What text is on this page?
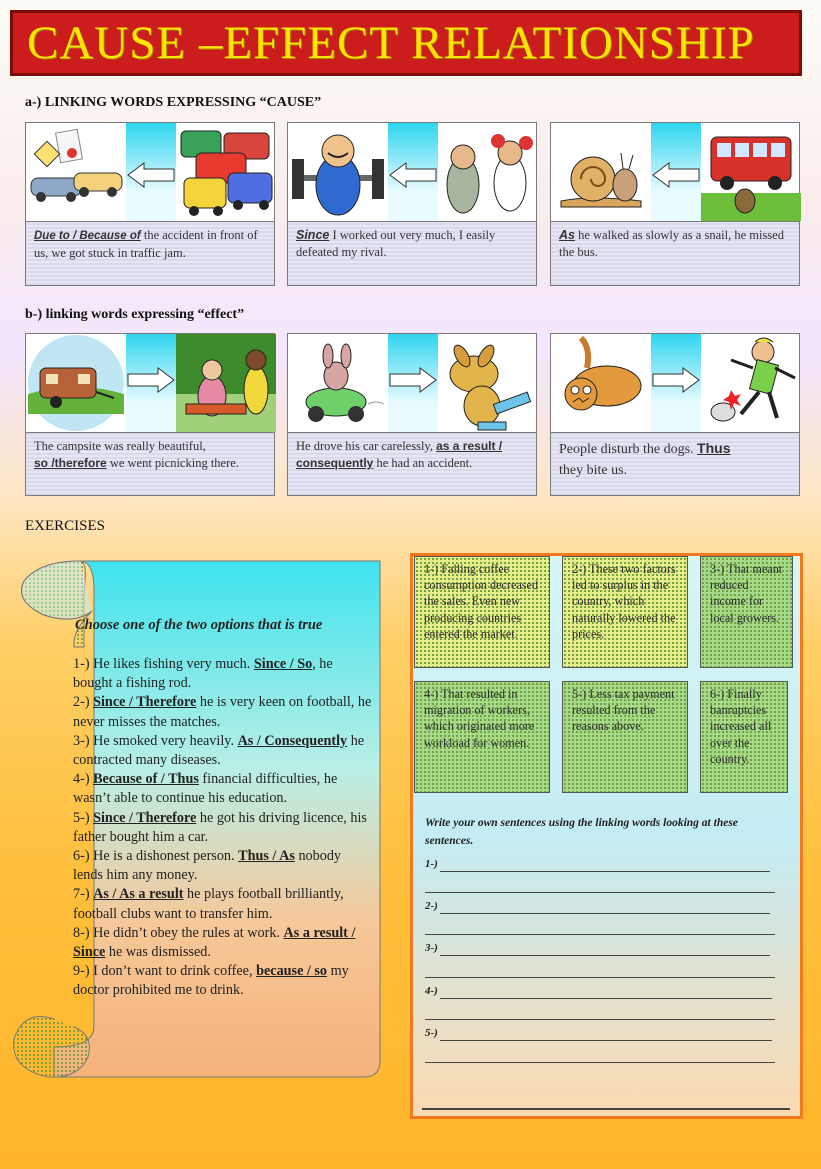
CAUSE –EFFECT RELATIONSHIP
a-) LINKING WORDS EXPRESSING “CAUSE”
Due to / Because of the accident in front of us, we got stuck in traffic jam.
Since I worked out very much, I easily defeated my rival.
As he walked as slowly as a snail, he missed the bus.
b-) linking words expressing “effect”
The campsite was really beautiful,
so /therefore we went picnicking there.
He drove his car carelessly, as a result / consequently he had an accident.
People disturb the dogs. Thus
they bite us.
EXERCISES
Choose one of the two options that is true
1-) He likes fishing very much. Since / So, he bought a fishing rod.
2-) Since / Therefore he is very keen on football, he never misses the matches.
3-) He smoked very heavily. As / Consequently he contracted many diseases.
4-) Because of / Thus financial difficulties, he wasn’t able to continue his education.
5-) Since / Therefore he got his driving licence, his father bought him a car.
6-) He is a dishonest person. Thus / As nobody lends him any money.
7-) As / As a result he plays football brilliantly, football clubs want to transfer him.
8-) He didn’t obey the rules at work. As a result / Since he was dismissed.
9-) I don’t want to drink coffee, because / so my doctor prohibited me to drink.
1-) Falling coffee consumption decreased the sales. Even new producing countries entered the market.
2-) These two factors led to surplus in the country, which naturally lowered the prices.
3-) That meant reduced income for local growers.
4-) That resulted in migration of workers, which originated more workload for women.
5-) Less tax payment resulted from the reasons above.
6-) Finally banruptcies increased all over the country.
Write your own sentences using the linking words looking at these sentences.
1-)
2-)
3-)
4-)
5-)
